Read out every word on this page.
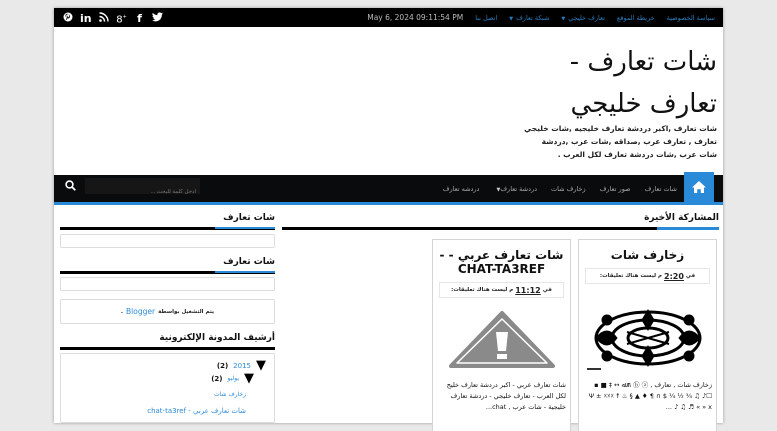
in 8+ f	May 6, 2024 09:11:54 PM اتصل بنا	شبكة تعارف▼	تعارف خليجي▼	خريطة الموقع سياسة الخصوصية
شات تعارف -
تعارف خليجي
شات تعارف ,اكبر دردشة تعارف خليجيه ,شات خليجي تعارف , تعارف عرب ,صداقه ,شات عرب ,دردشة شات عرب ,شات دردشة تعارف لكل العرب .
شات تعارف
صور تعارف
زخارف شات
دردشة تعارف▼
دردشه تعارف
أدخل كلمة للبحث ...
المشاركة الأخيرة
زخارف شات
في
2:20
م ليست هناك تعليقات:
زخارف شات , تعارف , ⓑ ⓐ ٦ ﷲ ↔ ‡ ■ ▪ ☐Ψ ± ☓☓☓ ☨ ♨ § ▲ ♦ ¶ ∩ $ ¼ ½ ¾ ♫ ♪ ♪ ♫ ♬ « » x ...
شات تعارف عربي - - CHAT-TA3REF
في
11:12
م ليست هناك تعليقات:
شات تعارف عربي - اكبر دردشة تعارف خليج لكل العرب - تعارف خليجي - دردشة تعارف خليجية - شات عرب , chat...
شات تعارف
شات تعارف
يتم التشغيل بواسطة
Blogger
.
أرشيف المدونة الإلكترونية
▼
2015
(2)
▼
يوليو
(2)
زخارف شات
شات تعارف عربي - chat-ta3ref
